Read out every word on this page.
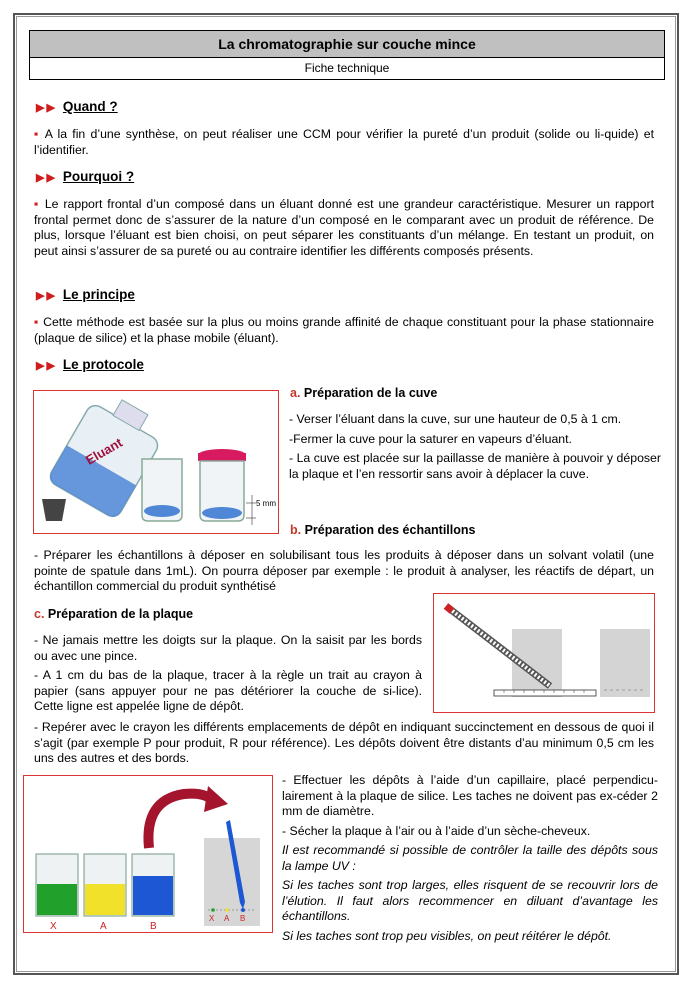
La chromatographie sur couche mince
Fiche technique
▶▶ Quand ?
▪ A la fin d’une synthèse, on peut réaliser une CCM pour vérifier la pureté d’un produit (solide ou li-quide) et l’identifier.
▶▶ Pourquoi ?
▪ Le rapport frontal d’un composé dans un éluant donné est une grandeur caractéristique. Mesurer un rapport frontal permet donc de s’assurer de la nature d’un composé en le comparant avec un produit de référence. De plus, lorsque l’éluant est bien choisi, on peut séparer les constituants d’un mélange. En testant un produit, on peut ainsi s’assurer de sa pureté ou au contraire identifier les différents composés présents.
▶▶ Le principe
▪ Cette méthode est basée sur la plus ou moins grande affinité de chaque constituant pour la phase stationnaire (plaque de silice) et la phase mobile (éluant).
▶▶ Le protocole
Eluant
5 mm
a. Préparation de la cuve
- Verser l’éluant dans la cuve, sur une hauteur de 0,5 à 1 cm.
-Fermer la cuve pour la saturer en vapeurs d’éluant.
- La cuve est placée sur la paillasse de manière à pouvoir y déposer la plaque et l’en ressortir sans avoir à déplacer la cuve.
b. Préparation des échantillons
- Préparer les échantillons à déposer en solubilisant tous les produits à déposer dans un solvant volatil (une pointe de spatule dans 1mL). On pourra déposer par exemple : le produit à analyser, les réactifs de départ, un échantillon commercial du produit synthétisé
c. Préparation de la plaque
- Ne jamais mettre les doigts sur la plaque. On la saisit par les bords ou avec une pince.
- A 1 cm du bas de la plaque, tracer à la règle un trait au crayon à papier (sans appuyer pour ne pas détériorer la couche de si-lice). Cette ligne est appelée ligne de dépôt.
- Repérer avec le crayon les différents emplacements de dépôt en indiquant succinctement en dessous de quoi il s’agit (par exemple P pour produit, R pour référence). Les dépôts doivent être distants d’au minimum 0,5 cm les uns des autres et des bords.
X	A	B
X A B
- Effectuer les dépôts à l’aide d’un capillaire, placé perpendicu-lairement à la plaque de silice. Les taches ne doivent pas ex-céder 2 mm de diamètre.
- Sécher la plaque à l’air ou à l’aide d’un sèche-cheveux.
Il est recommandé si possible de contrôler la taille des dépôts sous la lampe UV :
Si les taches sont trop larges, elles risquent de se recouvrir lors de l’élution. Il faut alors recommencer en diluant d’avantage les échantillons.
Si les taches sont trop peu visibles, on peut réitérer le dépôt.
